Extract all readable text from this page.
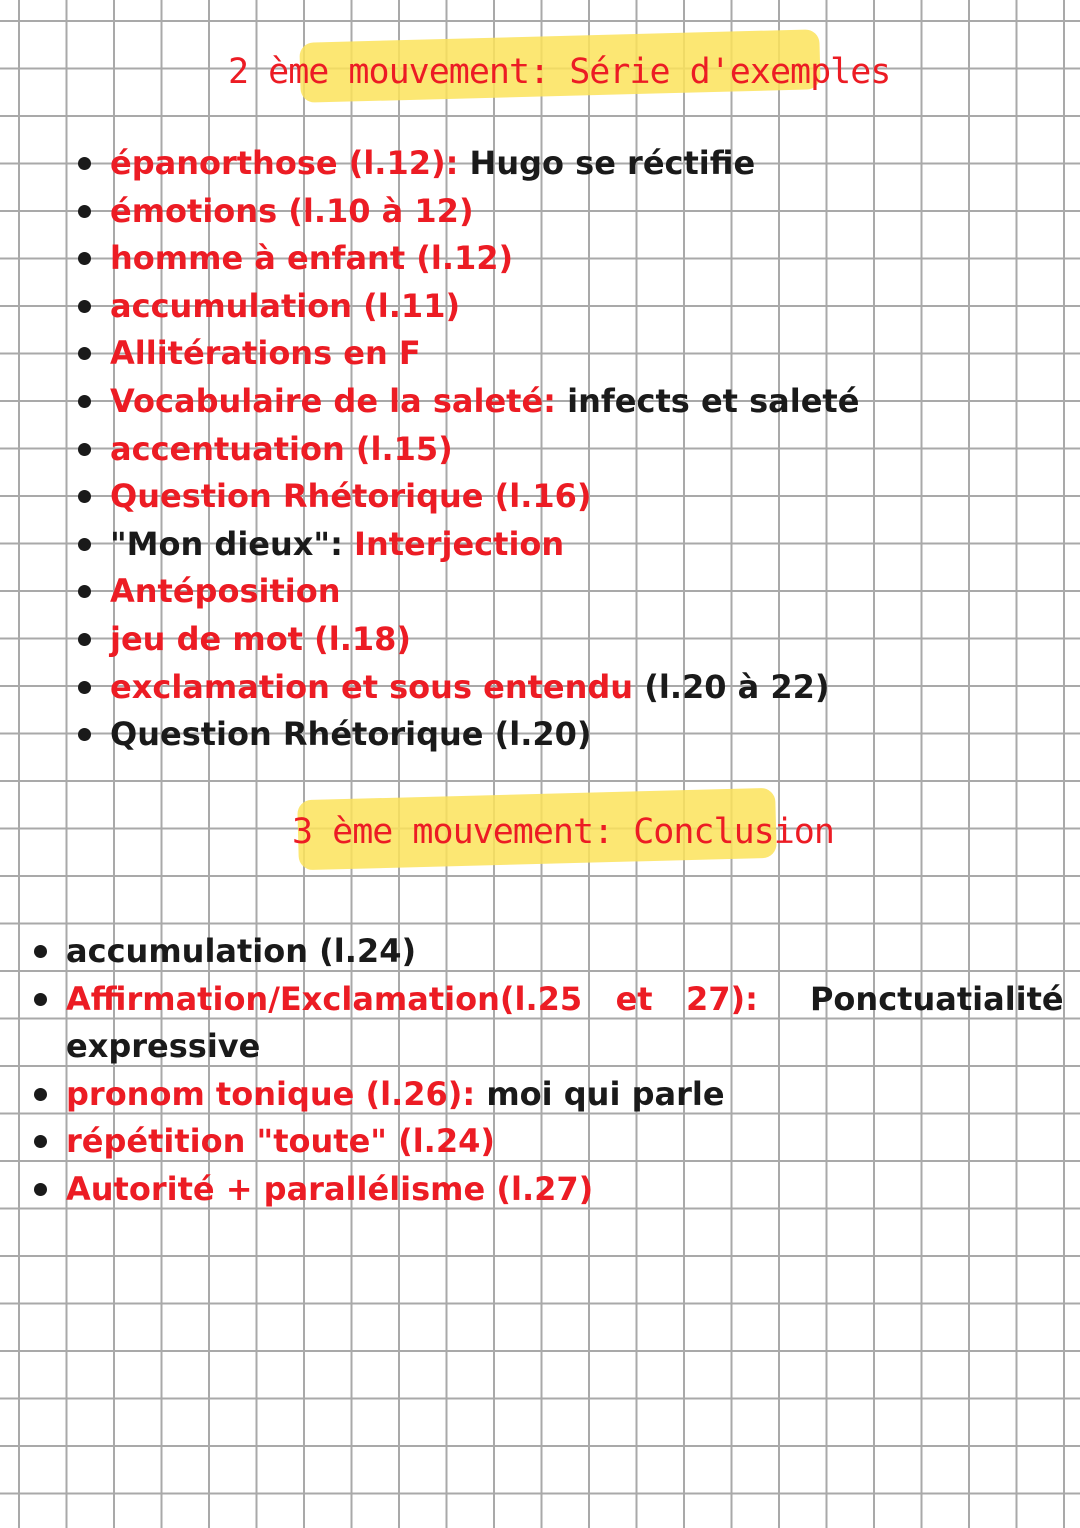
2 ème mouvement: Série d'exemples
épanorthose (l.12): Hugo se réctifie
émotions (l.10 à 12)
homme à enfant (l.12)
accumulation (l.11)
Allitérations en F
Vocabulaire de la saleté: infects et saleté
accentuation (l.15)
Question Rhétorique (l.16)
"Mon dieux": Interjection
Antéposition
jeu de mot (l.18)
exclamation et sous entendu (l.20 à 22)
Question Rhétorique (l.20)
3 ème mouvement: Conclusion
accumulation (l.24)
Affirmation/Exclamation(l.25   et   27): Ponctuatialité
expressive
pronom tonique (l.26): moi qui parle
répétition "toute" (l.24)
Autorité + parallélisme (l.27)
